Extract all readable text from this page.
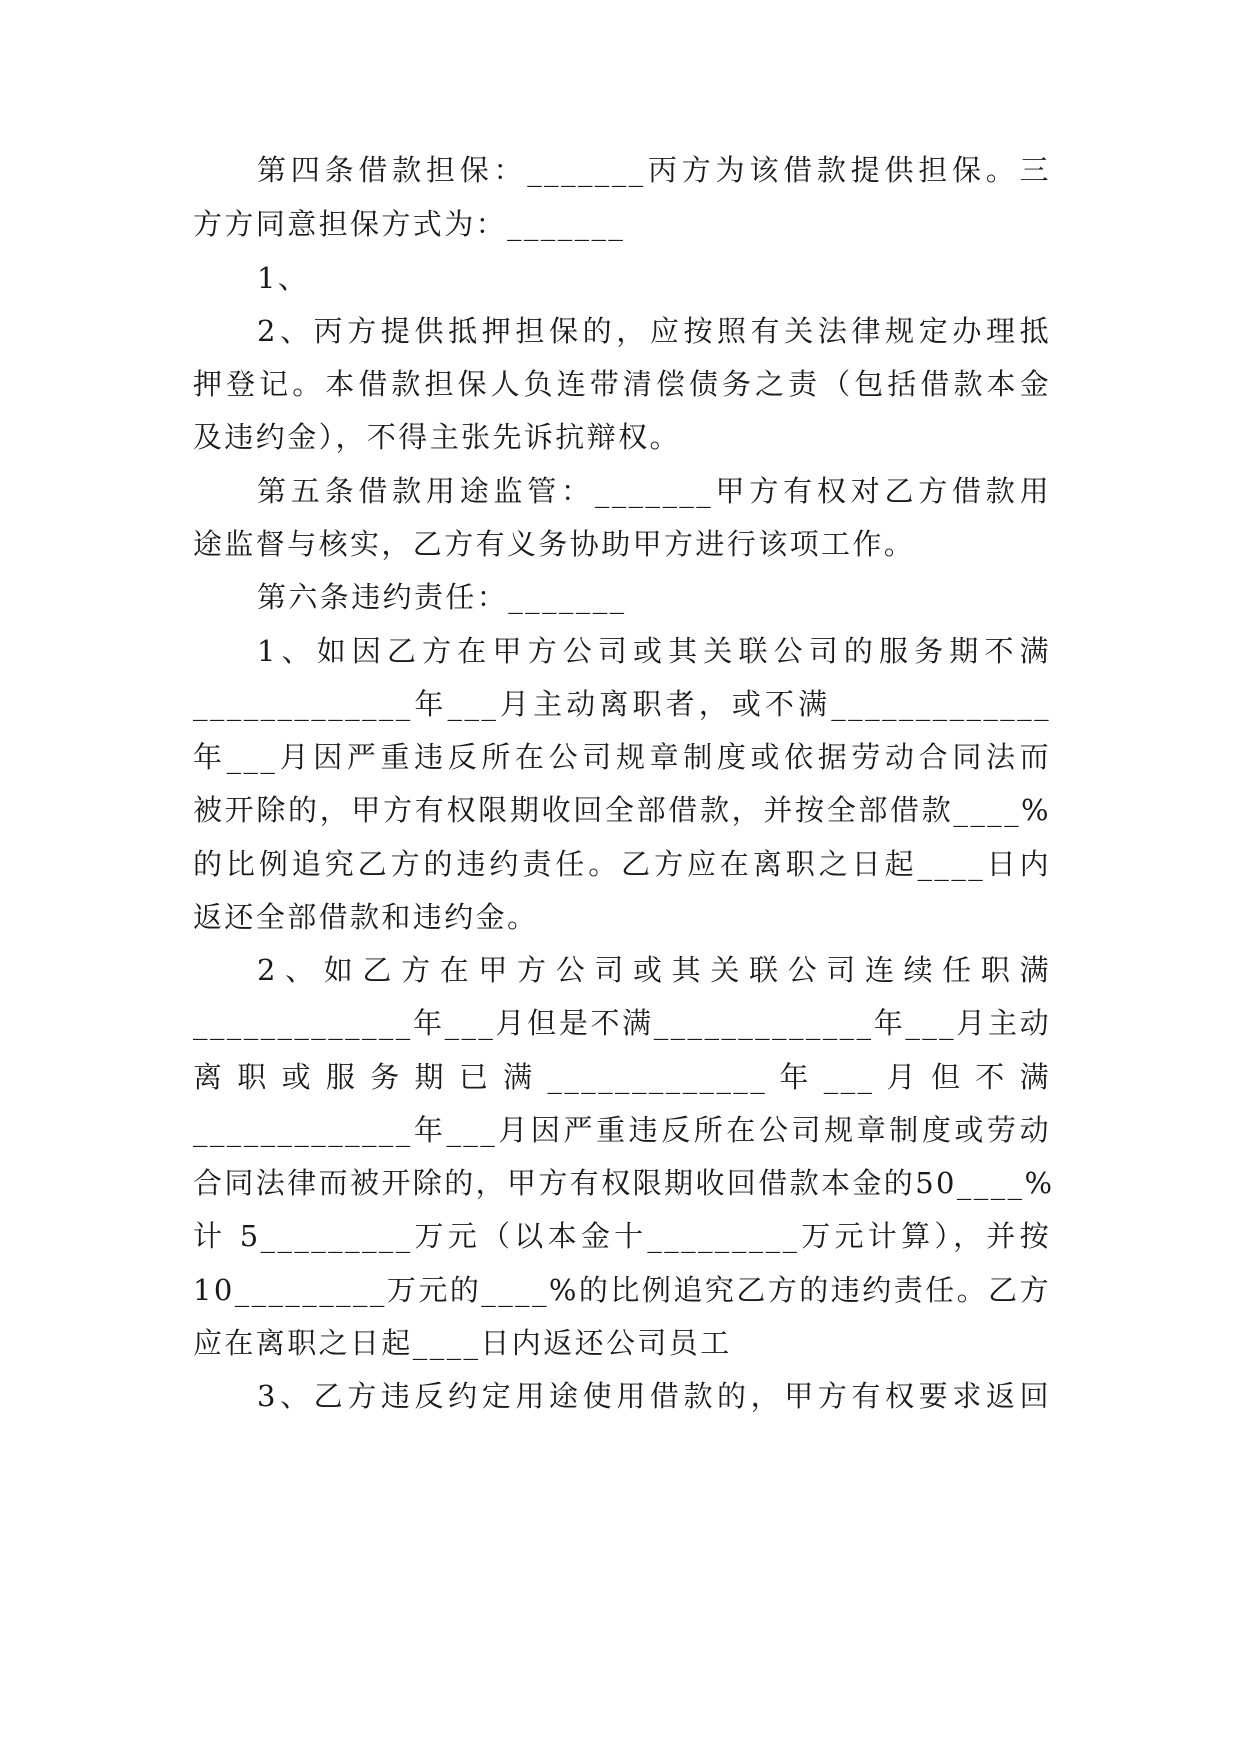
第四条借款担保：_______丙方为该借款提供担保。三
方方同意担保方式为：_______
1、
2、丙方提供抵押担保的，应按照有关法律规定办理抵
押登记。本借款担保人负连带清偿债务之责（包括借款本金
及违约金），不得主张先诉抗辩权。
第五条借款用途监管：_______甲方有权对乙方借款用
途监督与核实，乙方有义务协助甲方进行该项工作。
第六条违约责任：_______
1、如因乙方在甲方公司或其关联公司的服务期不满
_____________年___月主动离职者，或不满_____________
年___月因严重违反所在公司规章制度或依据劳动合同法而
被开除的，甲方有权限期收回全部借款，并按全部借款____%
的比例追究乙方的违约责任。乙方应在离职之日起____日内
返还全部借款和违约金。
2、如乙方在甲方公司或其关联公司连续任职满
_____________年___月但是不满_____________年___月主动
离 职 或 服 务 期 已 满 _____________ 年 ___ 月 但 不 满
_____________年___月因严重违反所在公司规章制度或劳动
合同法律而被开除的，甲方有权限期收回借款本金的50____%
计 5_________万元（以本金十_________万元计算），并按
10_________万元的____%的比例追究乙方的违约责任。乙方
应在离职之日起____日内返还公司员工
3、乙方违反约定用途使用借款的，甲方有权要求返回
